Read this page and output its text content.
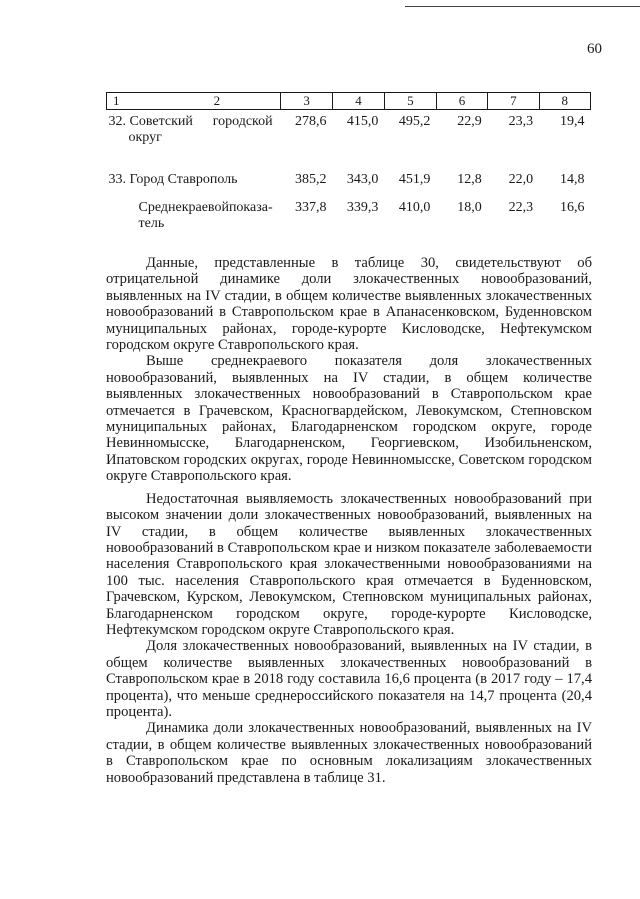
60
1 2	3	4	5	6	7	8

32. Советский городской
округ	278,6	415,0	495,2	22,9	23,3	19,4
33. Город Ставрополь	385,2	343,0	451,9	12,8	22,0	14,8

Среднекраевой показа-
тель	337,8	339,3	410,0	18,0	22,3	16,6

Данные, представленные в таблице 30, свидетельствуют об отрицательной динамике доли злокачественных новообразований, выявленных на IV стадии, в общем количестве выявленных злокачественных новообразований в Ставропольском крае в Апанасенковском, Буденновском муниципальных районах, городе-курорте Кисловодске, Нефтекумском городском округе Ставропольского края.

Выше среднекраевого показателя доля злокачественных новообразований, выявленных на IV стадии, в общем количестве выявленных злокачественных новообразований в Ставропольском крае отмечается в Грачевском, Красногвардейском, Левокумском, Степновском муниципальных районах, Благодарненском городском округе, городе Невинномысске, Благодарненском, Георгиевском, Изобильненском, Ипатовском городских округах, городе Невинномысске, Советском городском округе Ставропольского края.

Недостаточная выявляемость злокачественных новообразований при высоком значении доли злокачественных новообразований, выявленных на IV стадии, в общем количестве выявленных злокачественных новообразований в Ставропольском крае и низком показателе заболеваемости населения Ставропольского края злокачественными новообразованиями на 100 тыс. населения Ставропольского края отмечается в Буденновском, Грачевском, Курском, Левокумском, Степновском муниципальных районах, Благодарненском городском округе, городе-курорте Кисловодске, Нефтекумском городском округе Ставропольского края.

Доля злокачественных новообразований, выявленных на IV стадии, в общем количестве выявленных злокачественных новообразований в Ставропольском крае в 2018 году составила 16,6 процента (в 2017 году – 17,4 процента), что меньше среднероссийского показателя на 14,7 процента (20,4 процента).

Динамика доли злокачественных новообразований, выявленных на IV стадии, в общем количестве выявленных злокачественных новообразований в Ставропольском крае по основным локализациям злокачественных новообразований представлена в таблице 31.
